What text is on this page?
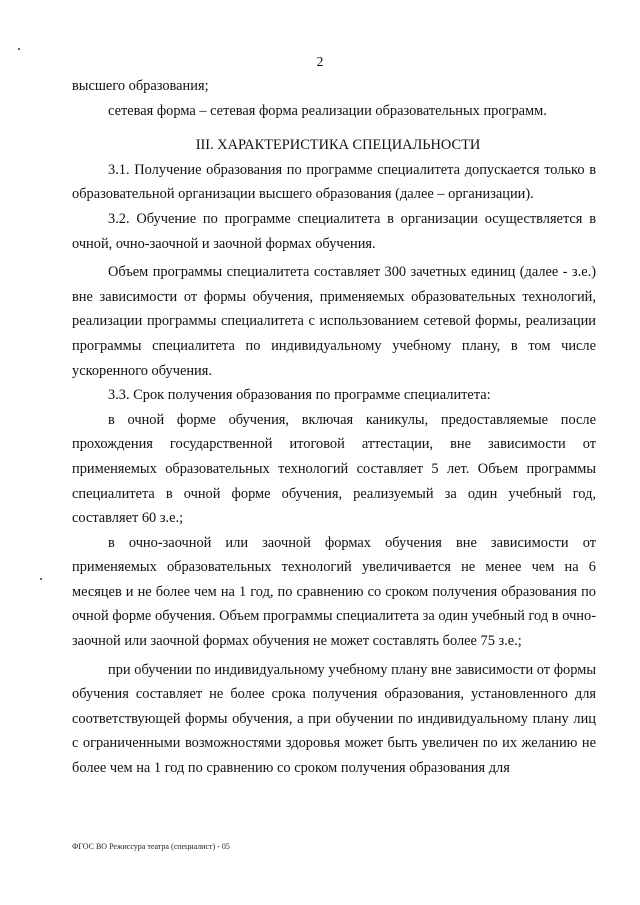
2

высшего образования;

сетевая форма – сетевая форма реализации образовательных программ.

III. ХАРАКТЕРИСТИКА СПЕЦИАЛЬНОСТИ

3.1. Получение образования по программе специалитета допускается только в образовательной организации высшего образования (далее – организации).

3.2. Обучение по программе специалитета в организации осуществляется в очной, очно-заочной и заочной формах обучения.

Объем программы специалитета составляет 300 зачетных единиц (далее - з.е.) вне зависимости от формы обучения, применяемых образовательных технологий, реализации программы специалитета с использованием сетевой формы, реализации программы специалитета по индивидуальному учебному плану, в том числе ускоренного обучения.

3.3. Срок получения образования по программе специалитета:

в очной форме обучения, включая каникулы, предоставляемые после прохождения государственной итоговой аттестации, вне зависимости от применяемых образовательных технологий составляет 5 лет. Объем программы специалитета в очной форме обучения, реализуемый за один учебный год, составляет 60 з.е.;

в очно-заочной или заочной формах обучения вне зависимости от применяемых образовательных технологий увеличивается не менее чем на 6 месяцев и не более чем на 1 год, по сравнению со сроком получения образования по очной форме обучения. Объем программы специалитета за один учебный год в очно-заочной или заочной формах обучения не может составлять более 75 з.е.;

при обучении по индивидуальному учебному плану вне зависимости от формы обучения составляет не более срока получения образования, установленного для соответствующей формы обучения, а при обучении по индивидуальному плану лиц с ограниченными возможностями здоровья может быть увеличен по их желанию не более чем на 1 год по сравнению со сроком получения образования для

ФГОС ВО Режиссура театра (специалист) - 05
